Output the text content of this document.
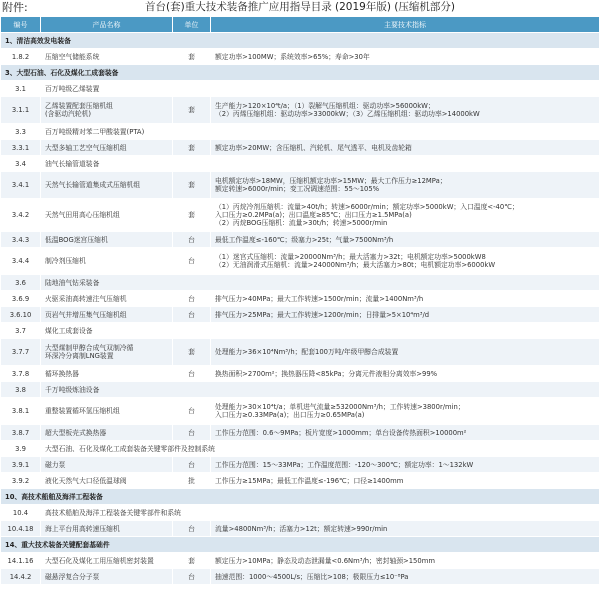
附件:	首台(套)重大技术装备推广应用指导目录 (2019年版) (压缩机部分)
编号	产品名称	单位	主要技术指标
1、清洁高效发电装备
1.8.2	压缩空气储能系统	套	额定功率>100MW；系统效率>65%；寿命>30年
3、大型石油、石化及煤化工成套装备
3.1	百万吨级乙烯装置
3.1.1	乙烯装置配套压缩机组
(含驱动汽轮机)	套	生产能力>120×10⁴t/a；（1）裂解气压缩机组：驱动功率>56000kW；
（2）丙烯压缩机组：驱动功率>33000kW；（3）乙烯压缩机组：驱动功率>14000kW
3.3	百万吨级精对苯二甲酸装置(PTA)
3.3.1	大型多轴工艺空气压缩机组	套	额定功率>20MW；含压缩机、汽轮机、尾气透平、电机及齿轮箱
3.4	油气长输管道装备
3.4.1	天然气长输管道集成式压缩机组	套	电机额定功率>18MW，压缩机额定功率>15MW；最大工作压力≥12MPa；
额定转速>6000r/min；变工况调速范围：55～105%
3.4.2	天然气田用高心压缩机组	套
（1）丙烷冷剂压缩机：流量>40t/h；转速>6000r/min；额定功率>5000kW；入口温度<-40℃；
入口压力≥0.2MPa(a)；出口温度≥85℃；出口压力≥1.5MPa(a)
（2）丙烷BOG压缩机：流量>30t/h；转速>5000r/min
3.4.3	低温BOG迷宫压缩机	台	最低工作温度≤-160℃；级塞力>25t；气量>7500Nm³/h
3.4.4	制冷剂压缩机	台	（1）迷宫式压缩机：流量>20000Nm³/h；最大活塞力>32t；电机额定功率>5000kW8
（2）无油润滑式压缩机：流量>24000Nm³/h；最大活塞力>80t；电机额定功率>6000kW
3.6	陆地油气钻采装备
3.6.9	火驱采油高转速注气压缩机	台	排气压力>40MPa；最大工作转速>1500r/min；流量>1400Nm³/h
3.6.10	页岩气井增压集气压缩机组	台	排气压力>25MPa；最大工作转速>1200r/min；日排量>5×10⁴m³/d
3.7	煤化工成套设备
3.7.7	大型煤制甲醇合成气双制冷循
环深冷分离制LNG装置	套	处理能力>36×10⁴Nm³/h；配套100万吨/年级甲醇合成装置
3.7.8	循环换热器	台	换热面积>2700m²；换热器压降<85kPa；分离元件液相分离效率>99%
3.8	千万吨级炼油设备
3.8.1	重整装置循环氢压缩机组	台	处理能力>30×10⁴t/a；单机进气流量≥532000Nm³/h；工作转速>3800r/min；
入口压力≥0.33MPa(a)；出口压力≥0.65MPa(a)
3.8.7	超大型板壳式换热器	台	工作压力范围：0.6～9MPa；板片宽度>1000mm；单台设备传热面积>10000m²
3.9	大型石油、石化及煤化工成套装备关键零部件及控制系统
3.9.1	磁力泵	台	工作压力范围：15～33MPa；工作温度范围：-120～300℃；额定功率：1～132kW
3.9.2	液化天然气大口径低温球阀	批	工作压力≥15MPa；最低工作温度≤-196℃；口径≥1400mm
10、高技术船舶及海洋工程装备
10.4	高技术船舶及海洋工程装备关键零部件和系统
10.4.18	海上平台用高转速压缩机	台	流量>4800Nm³/h；活塞力>12t；额定转速>990r/min
14、重大技术装备关键配套基础件
14.1.16	大型石化及煤化工用压缩机密封装置	套	额定压力>10MPa；静态及动态泄漏量<0.6Nm³/h；密封轴颈>150mm
14.4.2	磁悬浮复合分子泵	台	抽速范围：1000～4500L/s；压缩比>108；极限压力≤10⁻⁸Pa
